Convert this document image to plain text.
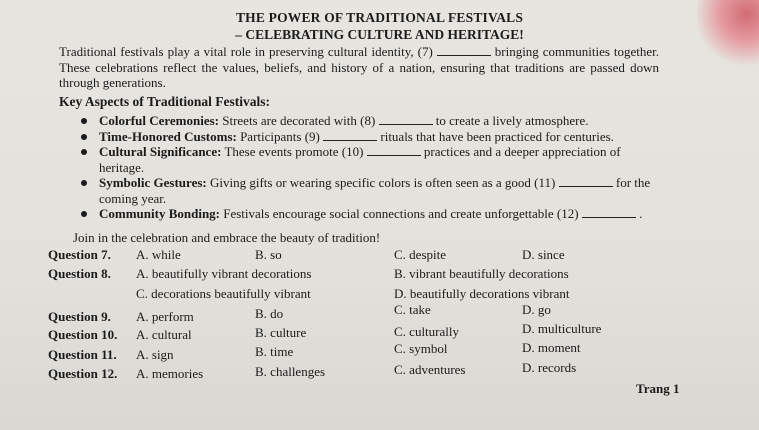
THE POWER OF TRADITIONAL FESTIVALS
– CELEBRATING CULTURE AND HERITAGE!
Traditional festivals play a vital role in preserving cultural identity, (7)	bringing communities together. These celebrations reflect the values, beliefs, and history of a nation, ensuring that traditions are passed down through generations.
Key Aspects of Traditional Festivals:
Colorful Ceremonies: Streets are decorated with (8)	to create a lively atmosphere.
Time-Honored Customs: Participants (9)	rituals that have been practiced for centuries.
Cultural Significance: These events promote (10)	practices and a deeper appreciation of heritage.
Symbolic Gestures: Giving gifts or wearing specific colors is often seen as a good (11)	for the coming year.
Community Bonding: Festivals encourage social connections and create unforgettable (12)	.
Join in the celebration and embrace the beauty of tradition!
Question 7. A. while	B. so	C. despite	D. since
Question 8. A. beautifully vibrant decorations	B. vibrant beautifully decorations
C. decorations beautifully vibrant	D. beautifully decorations vibrant
Question 9. A. perform	B. do	C. take	D. go
Question 10. A. cultural	B. culture	C. culturally	D. multiculture
Question 11. A. sign	B. time	C. symbol	D. moment
Question 12. A. memories	B. challenges	C. adventures	D. records
Trang 1
